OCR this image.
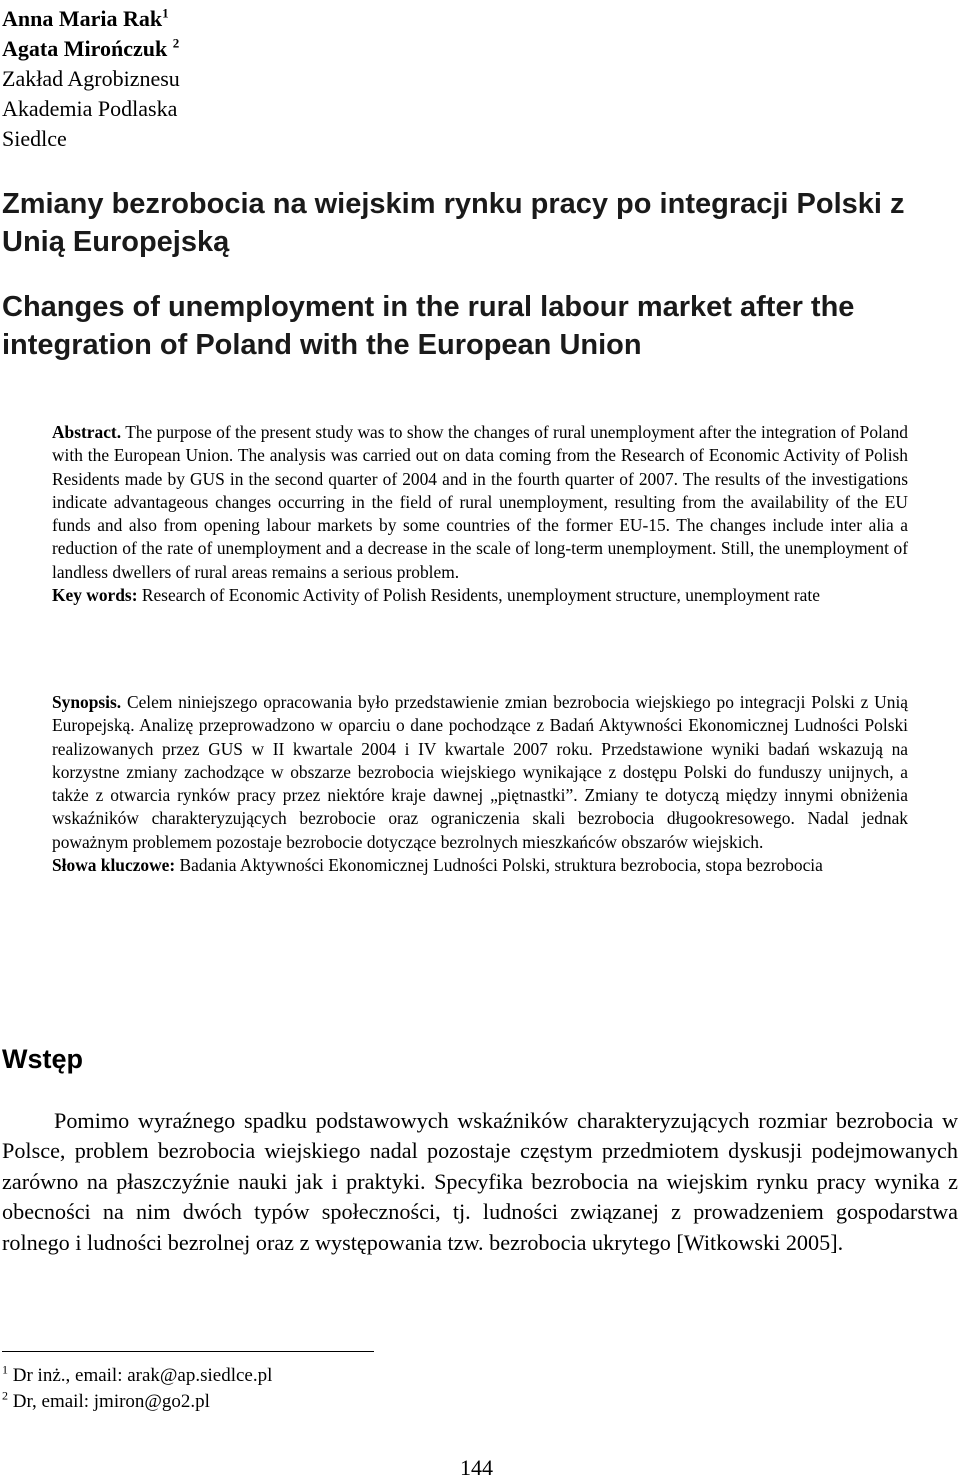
Anna Maria Rak$^1$
Agata Mirończuk $^2$
Zakład Agrobiznesu
Akademia Podlaska
Siedlce
Zmiany bezrobocia na wiejskim rynku pracy po integracji Polski z Unią Europejską
Changes of unemployment in the rural labour market after the integration of Poland with the European Union
Abstract. The purpose of the present study was to show the changes of rural unemployment after the integration of Poland with the European Union. The analysis was carried out on data coming from the Research of Economic Activity of Polish Residents made by GUS in the second quarter of 2004 and in the fourth quarter of 2007. The results of the investigations indicate advantageous changes occurring in the field of rural unemployment, resulting from the availability of the EU funds and also from opening labour markets by some countries of the former EU-15. The changes include inter alia a reduction of the rate of unemployment and a decrease in the scale of long-term unemployment. Still, the unemployment of landless dwellers of rural areas remains a serious problem.
Key words: Research of Economic Activity of Polish Residents, unemployment structure, unemployment rate
Synopsis. Celem niniejszego opracowania było przedstawienie zmian bezrobocia wiejskiego po integracji Polski z Unią Europejską. Analizę przeprowadzono w oparciu o dane pochodzące z Badań Aktywności Ekonomicznej Ludności Polski realizowanych przez GUS w II kwartale 2004 i IV kwartale 2007 roku. Przedstawione wyniki badań wskazują na korzystne zmiany zachodzące w obszarze bezrobocia wiejskiego wynikające z dostępu Polski do funduszy unijnych, a także z otwarcia rynków pracy przez niektóre kraje dawnej „piętnastki”. Zmiany te dotyczą między innymi obniżenia wskaźników charakteryzujących bezrobocie oraz ograniczenia skali bezrobocia długookresowego. Nadal jednak poważnym problemem pozostaje bezrobocie dotyczące bezrolnych mieszkańców obszarów wiejskich.
Słowa kluczowe: Badania Aktywności Ekonomicznej Ludności Polski, struktura bezrobocia, stopa bezrobocia
Wstęp

Pomimo wyraźnego spadku podstawowych wskaźników charakteryzujących rozmiar bezrobocia w Polsce, problem bezrobocia wiejskiego nadal pozostaje częstym przedmiotem dyskusji podejmowanych zarówno na płaszczyźnie nauki jak i praktyki. Specyfika bezrobocia na wiejskim rynku pracy wynika z obecności na nim dwóch typów społeczności, tj. ludności związanej z prowadzeniem gospodarstwa rolnego i ludności bezrolnej oraz z występowania tzw. bezrobocia ukrytego [Witkowski 2005].

$^1$ Dr inż., email: arak@ap.siedlce.pl
$^2$ Dr, email: jmiron@go2.pl
144
